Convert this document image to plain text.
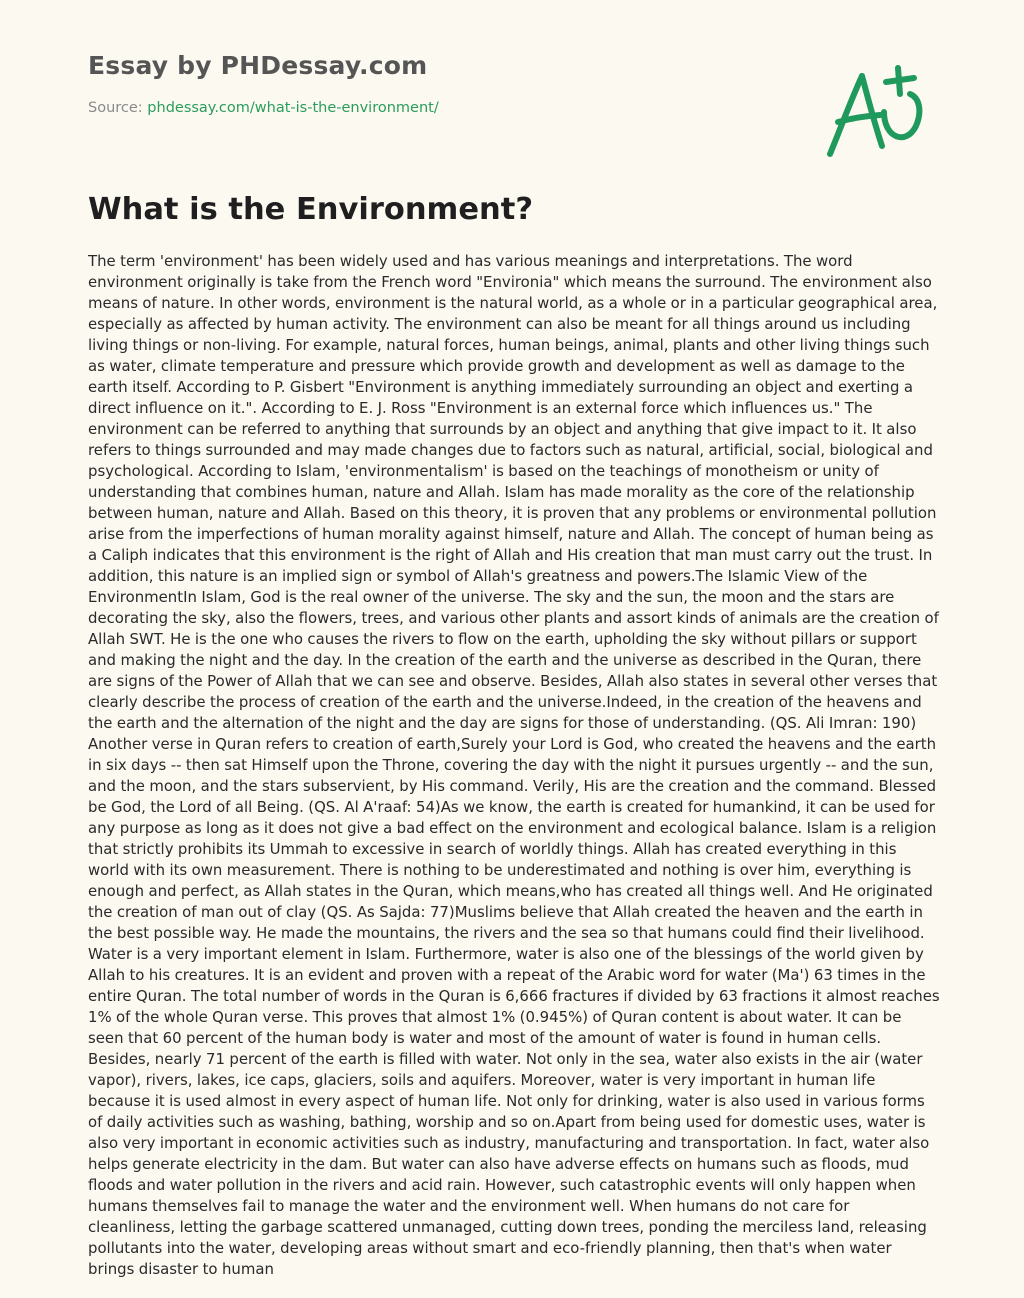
Essay by PHDessay.com
Source: phdessay.com/what-is-the-environment/
What is the Environment?

The term 'environment' has been widely used and has various meanings and interpretations. The word environment originally is take from the French word "Environia" which means the surround. The environment also means of nature. In other words, environment is the natural world, as a whole or in a particular geographical area, especially as affected by human activity. The environment can also be meant for all things around us including living things or non-living. For example, natural forces, human beings, animal, plants and other living things such as water, climate temperature and pressure which provide growth and development as well as damage to the earth itself. According to P. Gisbert "Environment is anything immediately surrounding an object and exerting a direct influence on it.". According to E. J. Ross "Environment is an external force which influences us." The environment can be referred to anything that surrounds by an object and anything that give impact to it. It also refers to things surrounded and may made changes due to factors such as natural, artificial, social, biological and psychological. According to Islam, 'environmentalism' is based on the teachings of monotheism or unity of understanding that combines human, nature and Allah. Islam has made morality as the core of the relationship between human, nature and Allah. Based on this theory, it is proven that any problems or environmental pollution arise from the imperfections of human morality against himself, nature and Allah. The concept of human being as a Caliph indicates that this environment is the right of Allah and His creation that man must carry out the trust. In addition, this nature is an implied sign or symbol of Allah's greatness and powers.The Islamic View of the EnvironmentIn Islam, God is the real owner of the universe. The sky and the sun, the moon and the stars are decorating the sky, also the flowers, trees, and various other plants and assort kinds of animals are the creation of Allah SWT. He is the one who causes the rivers to flow on the earth, upholding the sky without pillars or support and making the night and the day. In the creation of the earth and the universe as described in the Quran, there are signs of the Power of Allah that we can see and observe. Besides, Allah also states in several other verses that clearly describe the process of creation of the earth and the universe.Indeed, in the creation of the heavens and the earth and the alternation of the night and the day are signs for those of understanding. (QS. Ali Imran: 190) Another verse in Quran refers to creation of earth,Surely your Lord is God, who created the heavens and the earth in six days -- then sat Himself upon the Throne, covering the day with the night it pursues urgently -- and the sun, and the moon, and the stars subservient, by His command. Verily, His are the creation and the command. Blessed be God, the Lord of all Being. (QS. Al A'raaf: 54)As we know, the earth is created for humankind, it can be used for any purpose as long as it does not give a bad effect on the environment and ecological balance. Islam is a religion that strictly prohibits its Ummah to excessive in search of worldly things. Allah has created everything in this world with its own measurement. There is nothing to be underestimated and nothing is over him, everything is enough and perfect, as Allah states in the Quran, which means,who has created all things well. And He originated the creation of man out of clay (QS. As Sajda: 77)Muslims believe that Allah created the heaven and the earth in the best possible way. He made the mountains, the rivers and the sea so that humans could find their livelihood. Water is a very important element in Islam. Furthermore, water is also one of the blessings of the world given by Allah to his creatures. It is an evident and proven with a repeat of the Arabic word for water (Ma') 63 times in the entire Quran. The total number of words in the Quran is 6,666 fractures if divided by 63 fractions it almost reaches 1% of the whole Quran verse. This proves that almost 1% (0.945%) of Quran content is about water. It can be seen that 60 percent of the human body is water and most of the amount of water is found in human cells. Besides, nearly 71 percent of the earth is filled with water. Not only in the sea, water also exists in the air (water vapor), rivers, lakes, ice caps, glaciers, soils and aquifers. Moreover, water is very important in human life because it is used almost in every aspect of human life. Not only for drinking, water is also used in various forms of daily activities such as washing, bathing, worship and so on.Apart from being used for domestic uses, water is also very important in economic activities such as industry, manufacturing and transportation. In fact, water also helps generate electricity in the dam. But water can also have adverse effects on humans such as floods, mud floods and water pollution in the rivers and acid rain. However, such catastrophic events will only happen when humans themselves fail to manage the water and the environment well. When humans do not care for cleanliness, letting the garbage scattered unmanaged, cutting down trees, ponding the merciless land, releasing pollutants into the water, developing areas without smart and eco-friendly planning, then that's when water brings disaster to human
